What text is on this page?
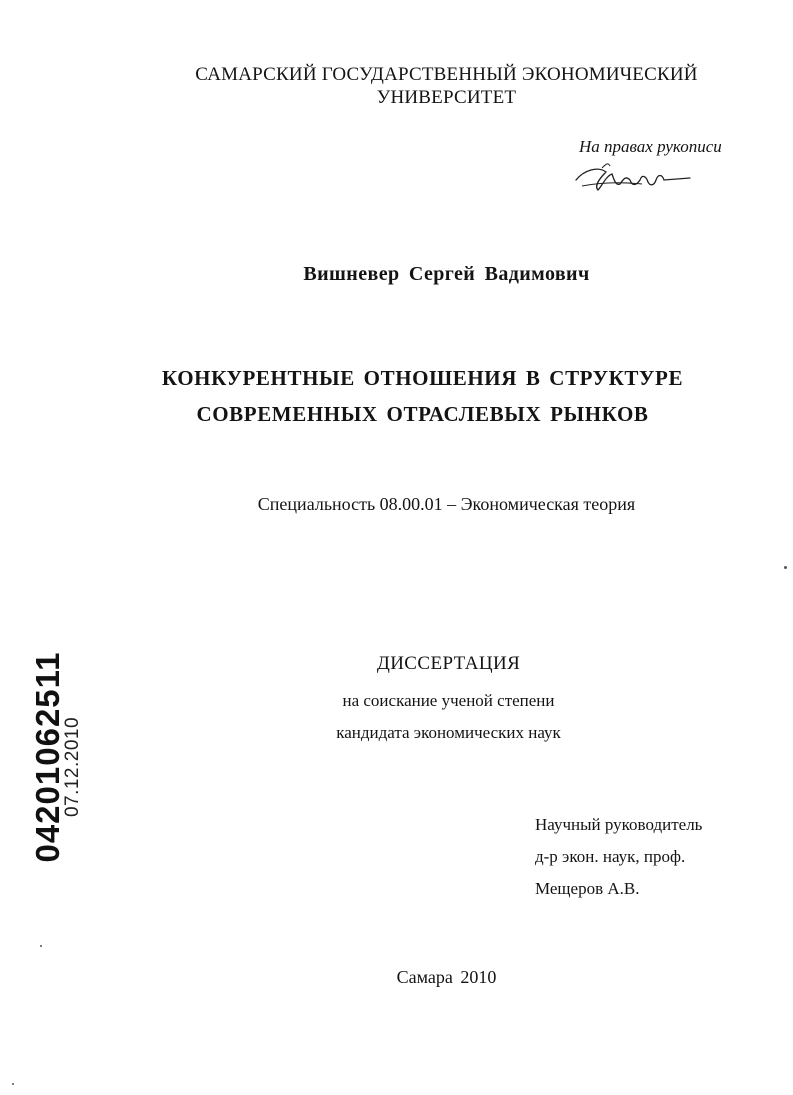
САМАРСКИЙ ГОСУДАРСТВЕННЫЙ ЭКОНОМИЧЕСКИЙ
УНИВЕРСИТЕТ
На правах рукописи
Вишневер Сергей Вадимович
КОНКУРЕНТНЫЕ ОТНОШЕНИЯ В СТРУКТУРЕ
СОВРЕМЕННЫХ ОТРАСЛЕВЫХ РЫНКОВ
Специальность 08.00.01 – Экономическая теория
ДИССЕРТАЦИЯ
на соискание ученой степени
кандидата экономических наук
Научный руководитель
д-р экон. наук, проф.
Мещеров А.В.
Самара 2010
04201062511
07.12.2010
